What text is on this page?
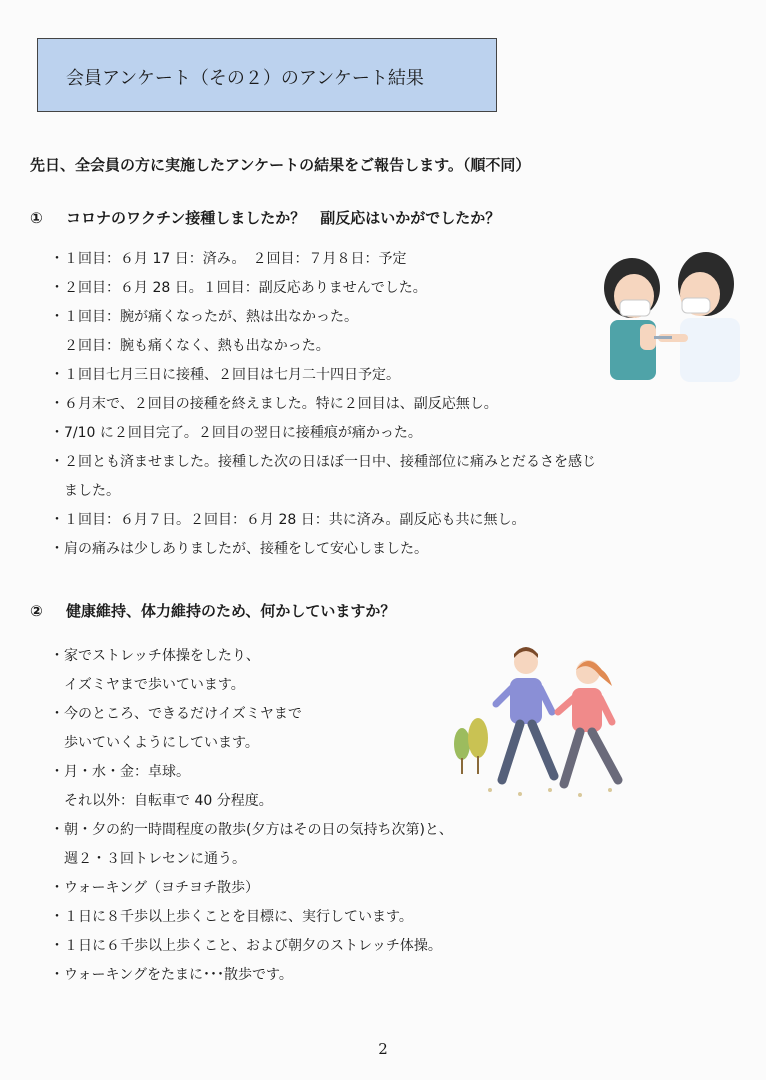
会員アンケート（その２）のアンケート結果
先日、全会員の方に実施したアンケートの結果をご報告します。（順不同）
① コロナのワクチン接種しましたか？　副反応はいかがでしたか？
・１回目：６月 17 日：済み。　２回目：７月８日：予定
・２回目：６月 28 日。１回目：副反応ありませんでした。
・１回目：腕が痛くなったが、熱は出なかった。
　２回目：腕も痛くなく、熱も出なかった。
・１回目七月三日に接種、２回目は七月二十四日予定。
・６月末で、２回目の接種を終えました。特に２回目は、副反応無し。
・7/10 に２回目完了。２回目の翌日に接種痕が痛かった。
・２回とも済ませました。接種した次の日ほぼ一日中、接種部位に痛みとだるさを感じ
　ました。
・１回目：６月７日。２回目：６月 28 日：共に済み。副反応も共に無し。
・肩の痛みは少しありましたが、接種をして安心しました。
② 健康維持、体力維持のため、何かしていますか？
・家でストレッチ体操をしたり、
　イズミヤまで歩いています。
・今のところ、できるだけイズミヤまで
　歩いていくようにしています。
・月・水・金：卓球。
　それ以外：自転車で 40 分程度。
・朝・夕の約一時間程度の散歩(夕方はその日の気持ち次第)と、
　週２・３回トレセンに通う。
・ウォーキング（ヨチヨチ散歩）
・１日に８千歩以上歩くことを目標に、実行しています。
・１日に６千歩以上歩くこと、および朝夕のストレッチ体操。
・ウォーキングをたまに･･･散歩です。
2
